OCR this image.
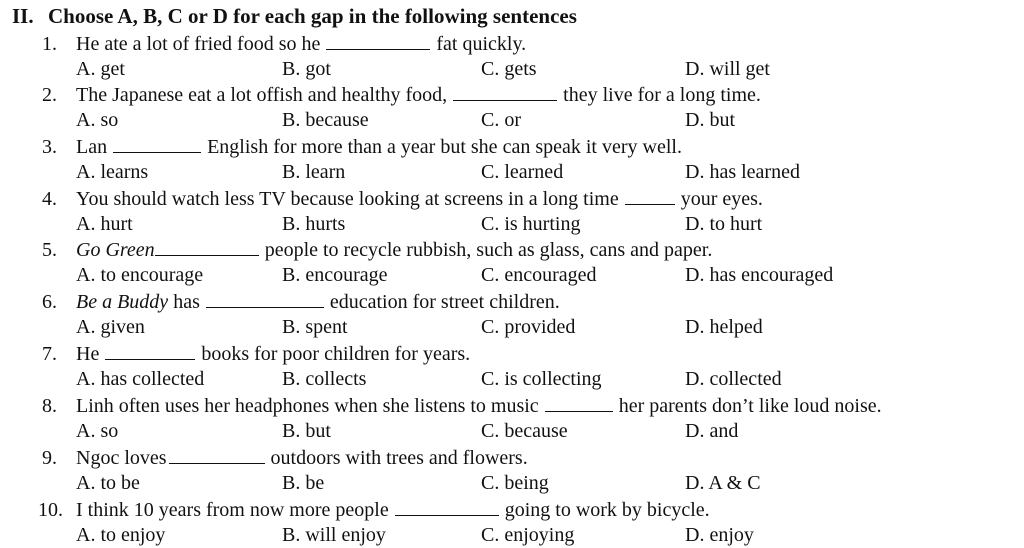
II. Choose A, B, C or D for each gap in the following sentences
1. He ate a lot of fried food so he	fat quickly.
A. get	B. got	C. gets	D. will get
2. The Japanese eat a lot offish and healthy food,	they live for a long time.
A. so	B. because	C. or	D. but
3. Lan	English for more than a year but she can speak it very well.
A. learns	B. learn	C. learned	D. has learned
4. You should watch less TV because looking at screens in a long time	your eyes.
A. hurt	B. hurts	C. is hurting	D. to hurt
5. Go Green	people to recycle rubbish, such as glass, cans and paper.
A. to encourage	B. encourage	C. encouraged	D. has encouraged
6. Be a Buddy has	education for street children.
A. given	B. spent	C. provided	D. helped
7. He	books for poor children for years.
A. has collected	B. collects	C. is collecting	D. collected
8. Linh often uses her headphones when she listens to music	her parents don’t like loud noise.
A. so	B. but	C. because	D. and
9. Ngoc loves	outdoors with trees and flowers.
A. to be	B. be	C. being	D. A & C
10. I think 10 years from now more people	going to work by bicycle.
A. to enjoy	B. will enjoy	C. enjoying	D. enjoy
